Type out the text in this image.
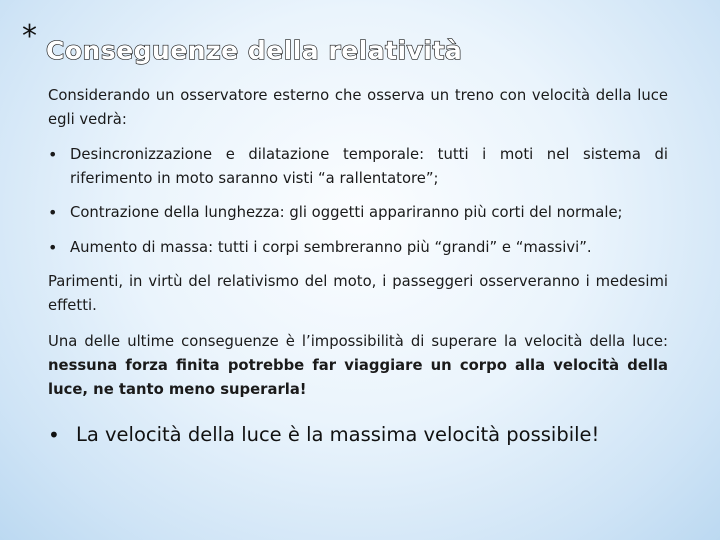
* Conseguenze della relatività

Considerando un osservatore esterno che osserva un treno con velocità della luce egli vedrà:

• Desincronizzazione e dilatazione temporale: tutti i moti nel sistema di riferimento in moto saranno visti “a rallentatore”;
• Contrazione della lunghezza: gli oggetti appariranno più corti del normale;
• Aumento di massa: tutti i corpi sembreranno più “grandi” e “massivi”.

Parimenti, in virtù del relativismo del moto, i passeggeri osserveranno i medesimi effetti.

Una delle ultime conseguenze è l’impossibilità di superare la velocità della luce: nessuna forza finita potrebbe far viaggiare un corpo alla velocità della luce, ne tanto meno superarla!

• La velocità della luce è la massima velocità possibile!
